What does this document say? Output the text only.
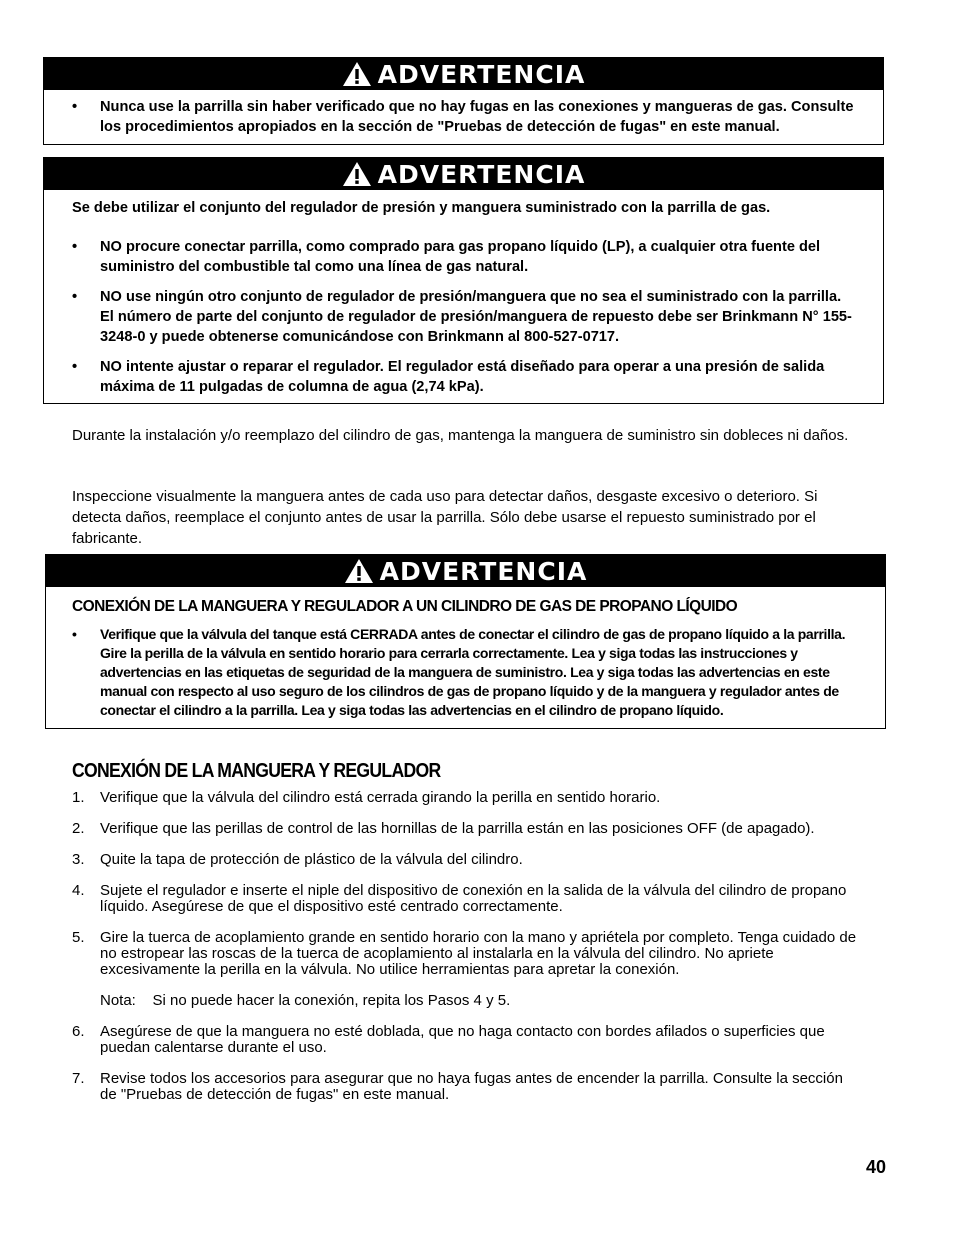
ADVERTENCIA
• Nunca use la parrilla sin haber verificado que no hay fugas en las conexiones y mangueras de gas. Consulte los procedimientos apropiados en la sección de "Pruebas de detección de fugas" en este manual.
ADVERTENCIA
Se debe utilizar el conjunto del regulador de presión y manguera suministrado con la parrilla de gas.
• NO procure conectar parrilla, como comprado para gas propano líquido (LP), a cualquier otra fuente del suministro del combustible tal como una línea de gas natural.
• NO use ningún otro conjunto de regulador de presión/manguera que no sea el suministrado con la parrilla. El número de parte del conjunto de regulador de presión/manguera de repuesto debe ser Brinkmann N° 155-3248-0 y puede obtenerse comunicándose con Brinkmann al 800-527-0717.
• NO intente ajustar o reparar el regulador. El regulador está diseñado para operar a una presión de salida máxima de 11 pulgadas de columna de agua (2,74 kPa).
Durante la instalación y/o reemplazo del cilindro de gas, mantenga la manguera de suministro sin dobleces ni daños.
Inspeccione visualmente la manguera antes de cada uso para detectar daños, desgaste excesivo o deterioro. Si detecta daños, reemplace el conjunto antes de usar la parrilla. Sólo debe usarse el repuesto suministrado por el fabricante.
ADVERTENCIA
CONEXIÓN DE LA MANGUERA Y REGULADOR A UN CILINDRO DE GAS DE PROPANO LÍQUIDO
• Verifique que la válvula del tanque está CERRADA antes de conectar el cilindro de gas de propano líquido a la parrilla. Gire la perilla de la válvula en sentido horario para cerrarla correctamente. Lea y siga todas las instrucciones y advertencias en las etiquetas de seguridad de la manguera de suministro. Lea y siga todas las advertencias en este manual con respecto al uso seguro de los cilindros de gas de propano líquido y de la manguera y regulador antes de conectar el cilindro a la parrilla. Lea y siga todas las advertencias en el cilindro de propano líquido.
CONEXIÓN DE LA MANGUERA Y REGULADOR
1. Verifique que la válvula del cilindro está cerrada girando la perilla en sentido horario.
2. Verifique que las perillas de control de las hornillas de la parrilla están en las posiciones OFF (de apagado).
3. Quite la tapa de protección de plástico de la válvula del cilindro.
4. Sujete el regulador e inserte el niple del dispositivo de conexión en la salida de la válvula del cilindro de propano líquido. Asegúrese de que el dispositivo esté centrado correctamente.
5. Gire la tuerca de acoplamiento grande en sentido horario con la mano y apriétela por completo. Tenga cuidado de no estropear las roscas de la tuerca de acoplamiento al instalarla en la válvula del cilindro. No apriete excesivamente la perilla en la válvula. No utilice herramientas para apretar la conexión.
Nota:    Si no puede hacer la conexión, repita los Pasos 4 y 5.
6. Asegúrese de que la manguera no esté doblada, que no haga contacto con bordes afilados o superficies que puedan calentarse durante el uso.
7. Revise todos los accesorios para asegurar que no haya fugas antes de encender la parrilla. Consulte la sección de "Pruebas de detección de fugas" en este manual.
40
